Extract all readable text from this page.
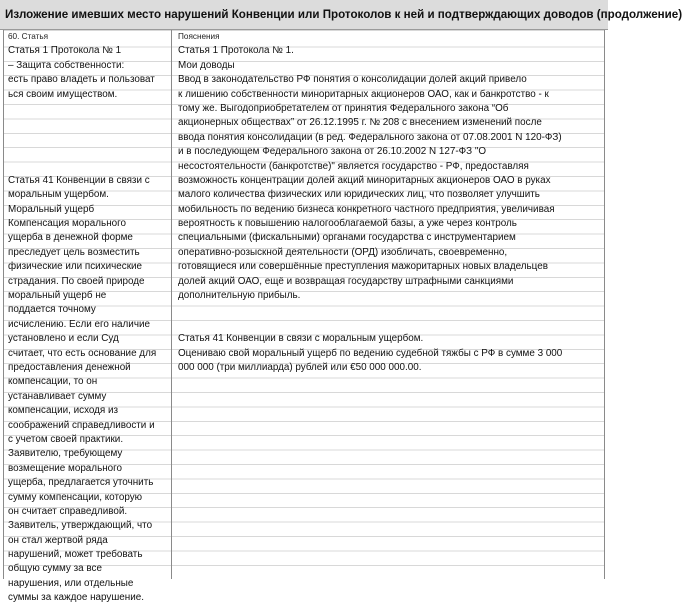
Изложение имевших место нарушений Конвенции или Протоколов к ней и подтверждающих доводов (продолжение)
60. Статья
Статья 1 Протокола № 1
– Защита собственности:
есть право владеть и пользоват
ься своим имуществом.
Статья 41 Конвенции в связи с
моральным ущербом.
Моральный ущерб
Компенсация морального
ущерба в денежной форме
преследует цель возместить
физические или психические
страдания. По своей природе
моральный ущерб не
поддается точному
исчислению. Если его наличие
установлено и если Суд
считает, что есть основание для
предоставления денежной
компенсации, то он
устанавливает сумму
компенсации, исходя из
соображений справедливости и
с учетом своей практики.
Заявителю, требующему
возмещение морального
ущерба, предлагается уточнить
сумму компенсации, которую
он считает справедливой.
Заявитель, утверждающий, что
он стал жертвой ряда
нарушений, может требовать
общую сумму за все
нарушения, или отдельные
суммы за каждое нарушение.
Пояснения
Статья 1 Протокола № 1.
Мои доводы
Ввод в законодательство РФ понятия о консолидации долей акций привело
к лишению собственности миноритарных акционеров ОАО, как и банкротство - к
тому же. Выгодоприобретателем от принятия Федерального закона “Об
акционерных обществах” от 26.12.1995 г. № 208 с внесением изменений после
ввода понятия консолидации (в ред. Федерального закона от 07.08.2001 N 120-ФЗ)
и в последующем Федерального закона от 26.10.2002 N 127-ФЗ "О
несостоятельности (банкротстве)" является государство - РФ, предоставляя
возможность концентрации долей акций миноритарных акционеров ОАО в руках
малого количества физических или юридических лиц, что позволяет улучшить
мобильность по ведению бизнеса конкретного частного предприятия, увеличивая
вероятность к повышению налогооблагаемой базы, а уже через контроль
специальными (фискальными) органами государства с инструментарием
оперативно-розыскной деятельности (ОРД) изобличать, своевременно,
готовящиеся или совершённые преступления мажоритарных новых владельцев
долей акций ОАО, ещё и возвращая государству штрафными санкциями
дополнительную прибыль.
Статья 41 Конвенции в связи с моральным ущербом.
Оцениваю свой моральный ущерб по ведению судебной тяжбы с РФ в сумме 3 000
000 000 (три миллиарда) рублей или €50 000 000.00.
